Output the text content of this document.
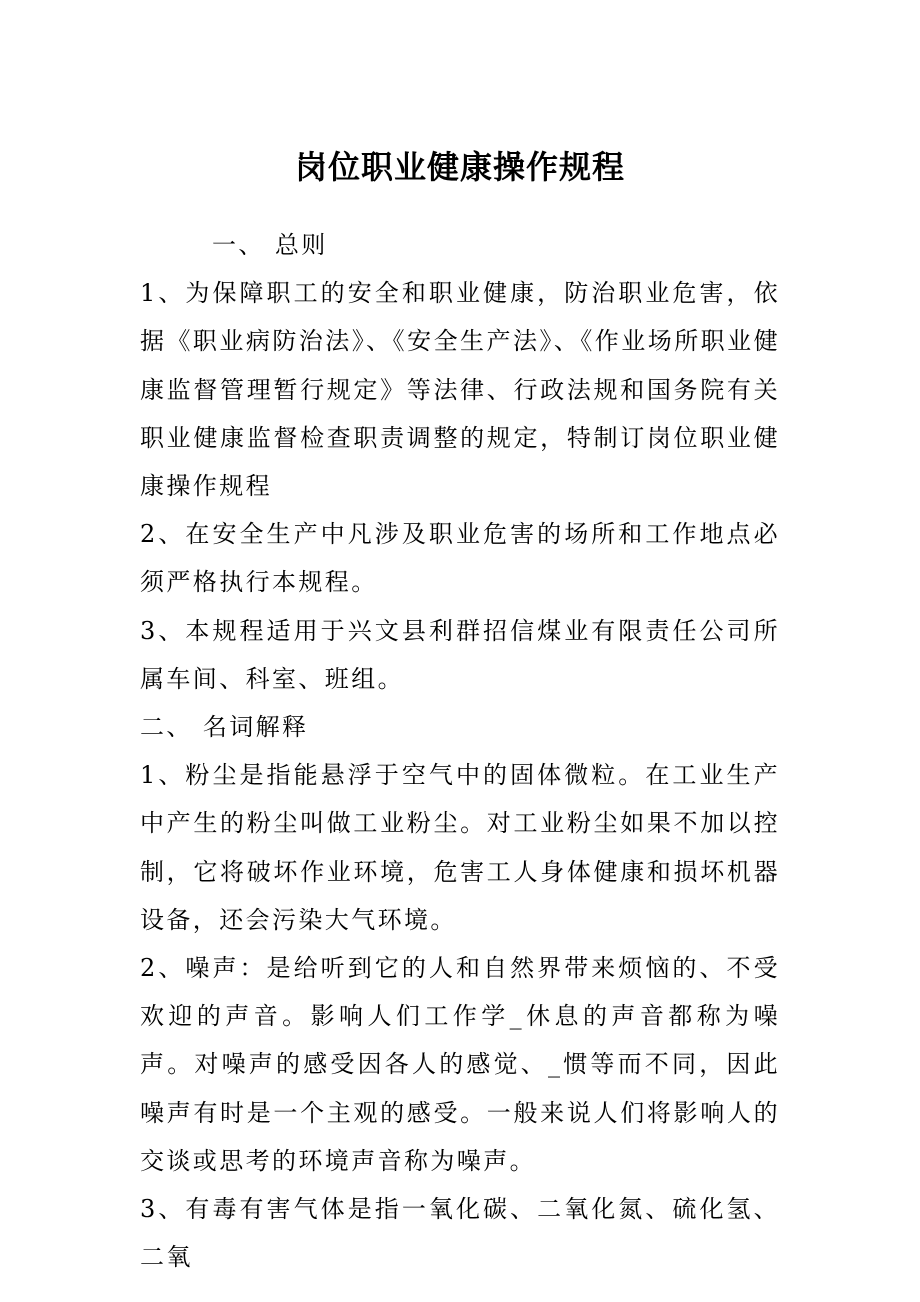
岗位职业健康操作规程

一、 总则

1、为保障职工的安全和职业健康，防治职业危害，依据《职业病防治法》、《安全生产法》、《作业场所职业健康监督管理暂行规定》等法律、行政法规和国务院有关职业健康监督检查职责调整的规定，特制订岗位职业健康操作规程

2、在安全生产中凡涉及职业危害的场所和工作地点必须严格执行本规程。

3、本规程适用于兴文县利群招信煤业有限责任公司所属车间、科室、班组。

二、 名词解释

1、粉尘是指能悬浮于空气中的固体微粒。在工业生产中产生的粉尘叫做工业粉尘。对工业粉尘如果不加以控制，它将破坏作业环境，危害工人身体健康和损坏机器设备，还会污染大气环境。

2、噪声：是给听到它的人和自然界带来烦恼的、不受欢迎的声音。影响人们工作学_休息的声音都称为噪声。对噪声的感受因各人的感觉、_惯等而不同，因此噪声有时是一个主观的感受。一般来说人们将影响人的交谈或思考的环境声音称为噪声。

3、有毒有害气体是指一氧化碳、二氧化氮、硫化氢、二氧
